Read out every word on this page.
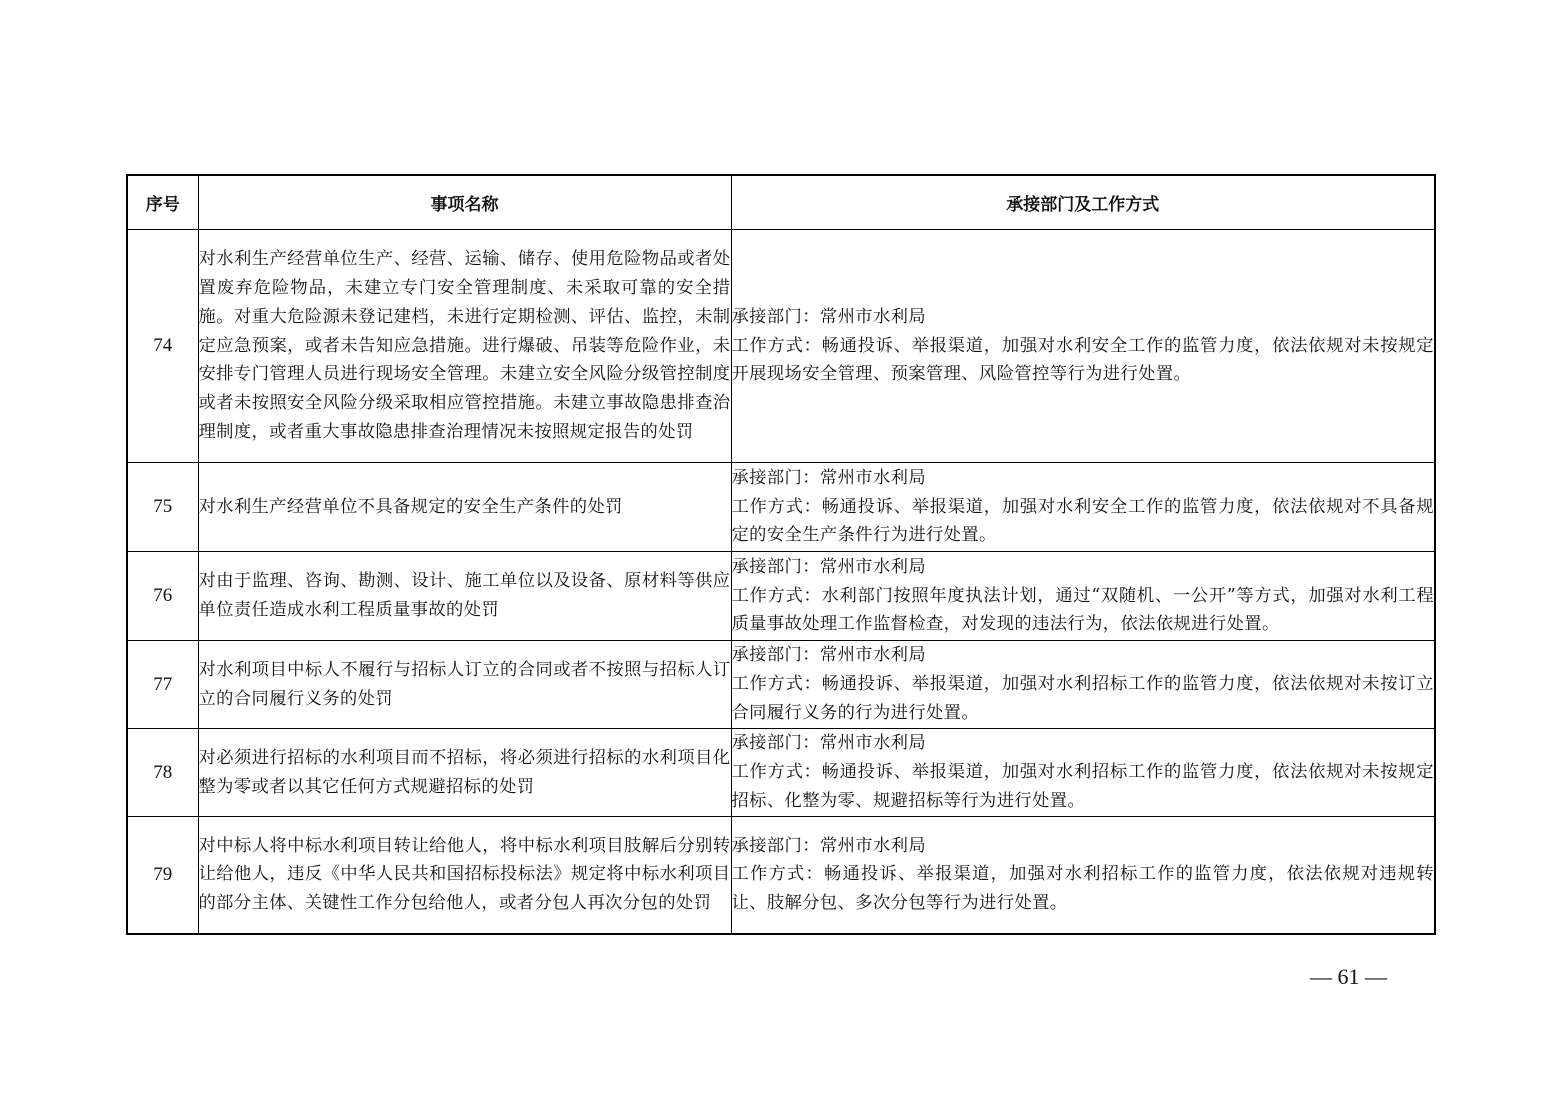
序号	事项名称	承接部门及工作方式
74	对水利生产经营单位生产、经营、运输、储存、使用危险物品或者处置废弃危险物品，未建立专门安全管理制度、未采取可靠的安全措施。对重大危险源未登记建档，未进行定期检测、评估、监控，未制定应急预案，或者未告知应急措施。进行爆破、吊装等危险作业，未安排专门管理人员进行现场安全管理。未建立安全风险分级管控制度或者未按照安全风险分级采取相应管控措施。未建立事故隐患排查治理制度，或者重大事故隐患排查治理情况未按照规定报告的处罚	承接部门：常州市水利局
工作方式：畅通投诉、举报渠道，加强对水利安全工作的监管力度，依法依规对未按规定开展现场安全管理、预案管理、风险管控等行为进行处置。

75	对水利生产经营单位不具备规定的安全生产条件的处罚	承接部门：常州市水利局
工作方式：畅通投诉、举报渠道，加强对水利安全工作的监管力度，依法依规对不具备规定的安全生产条件行为进行处置。

76	对由于监理、咨询、勘测、设计、施工单位以及设备、原材料等供应单位责任造成水利工程质量事故的处罚	承接部门：常州市水利局
工作方式：水利部门按照年度执法计划，通过“双随机、一公开”等方式，加强对水利工程质量事故处理工作监督检查，对发现的违法行为，依法依规进行处置。

77	对水利项目中标人不履行与招标人订立的合同或者不按照与招标人订立的合同履行义务的处罚	承接部门：常州市水利局
工作方式：畅通投诉、举报渠道，加强对水利招标工作的监管力度，依法依规对未按订立合同履行义务的行为进行处置。

78	对必须进行招标的水利项目而不招标，将必须进行招标的水利项目化整为零或者以其它任何方式规避招标的处罚	承接部门：常州市水利局
工作方式：畅通投诉、举报渠道，加强对水利招标工作的监管力度，依法依规对未按规定招标、化整为零、规避招标等行为进行处置。

79	对中标人将中标水利项目转让给他人，将中标水利项目肢解后分别转让给他人，违反《中华人民共和国招标投标法》规定将中标水利项目的部分主体、关键性工作分包给他人，或者分包人再次分包的处罚	承接部门：常州市水利局
工作方式：畅通投诉、举报渠道，加强对水利招标工作的监管力度，依法依规对违规转让、肢解分包、多次分包等行为进行处置。
— 61 —
